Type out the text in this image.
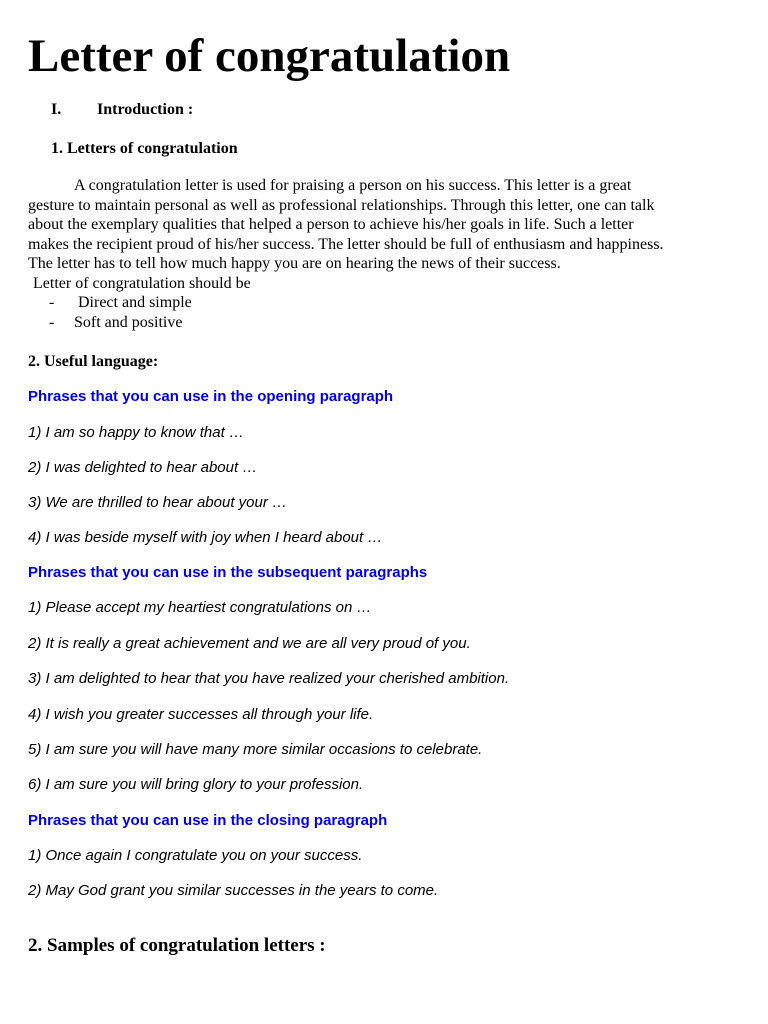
Letter of congratulation
I. Introduction :
1. Letters of congratulation

A congratulation letter is used for praising a person on his success. This letter is a great
gesture to maintain personal as well as professional relationships. Through this letter, one can talk
about the exemplary qualities that helped a person to achieve his/her goals in life. Such a letter
makes the recipient proud of his/her success. The letter should be full of enthusiasm and happiness.
The letter has to tell how much happy you are on hearing the news of their success.

Letter of congratulation should be
- Direct and simple
- Soft and positive
2. Useful language:
Phrases that you can use in the opening paragraph
1) I am so happy to know that …
2) I was delighted to hear about …
3) We are thrilled to hear about your …
4) I was beside myself with joy when I heard about …
Phrases that you can use in the subsequent paragraphs
1) Please accept my heartiest congratulations on …
2) It is really a great achievement and we are all very proud of you.
3) I am delighted to hear that you have realized your cherished ambition.
4) I wish you greater successes all through your life.
5) I am sure you will have many more similar occasions to celebrate.
6) I am sure you will bring glory to your profession.
Phrases that you can use in the closing paragraph
1) Once again I congratulate you on your success.
2) May God grant you similar successes in the years to come.
2. Samples of congratulation letters :
